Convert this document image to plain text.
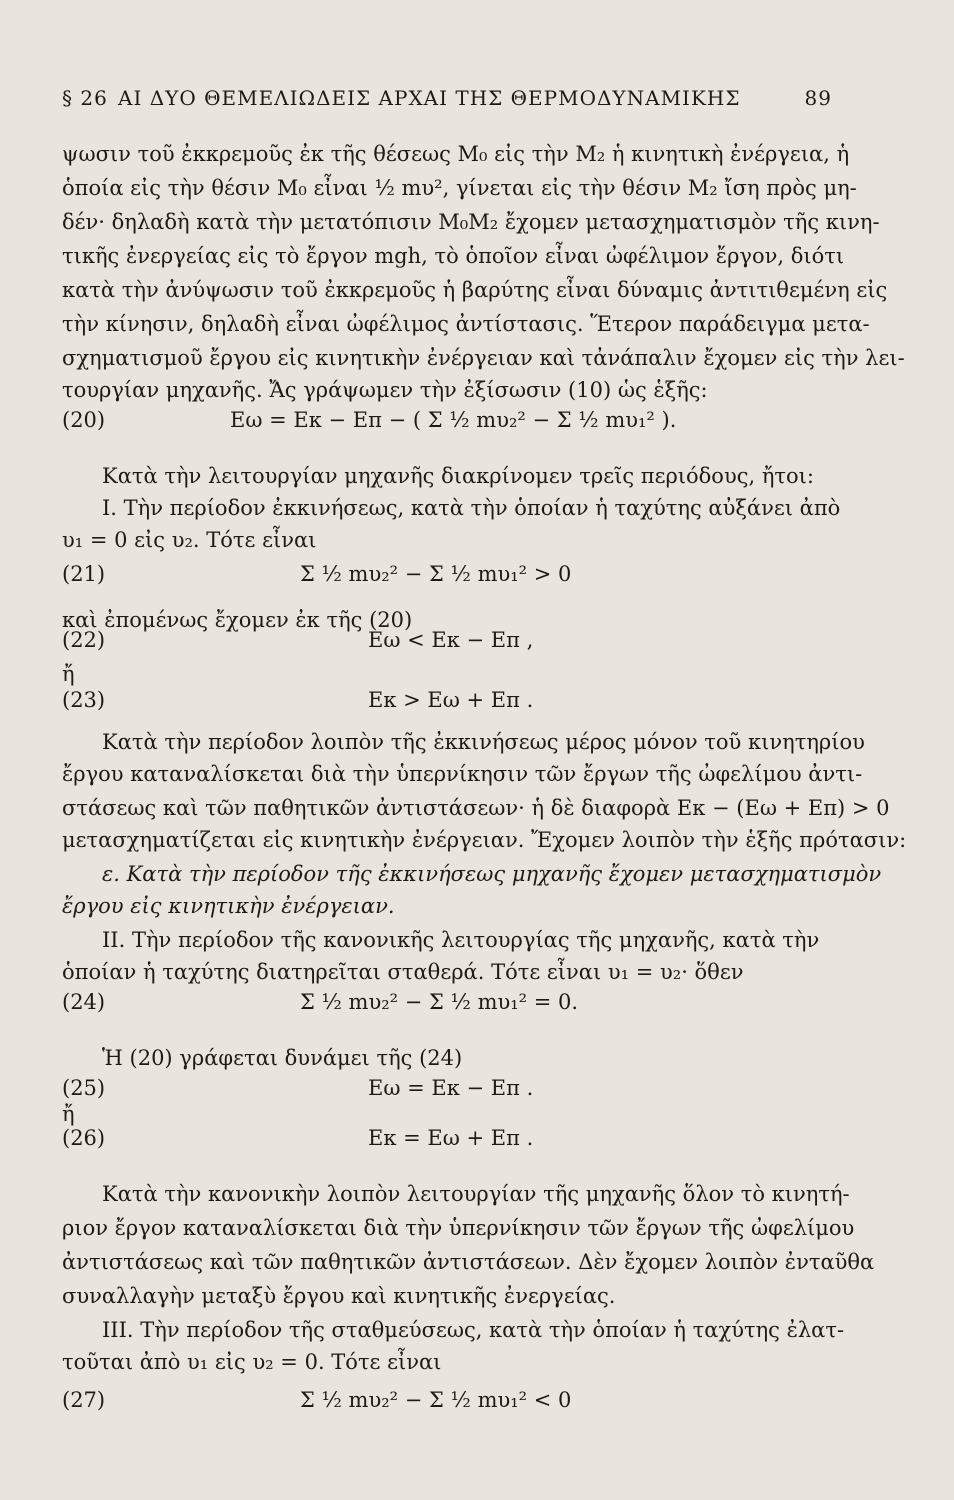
§ 26 ΑΙ ΔΥΟ ΘΕΜΕΛΙΩΔΕΙΣ ΑΡΧΑΙ ΤΗΣ ΘΕΡΜΟΔΥΝΑΜΙΚΗΣ	89
ψωσιν τοῦ ἐκκρεμοῦς ἐκ τῆς θέσεως M₀ εἰς τὴν M₂ ἡ κινητικὴ ἐνέργεια, ἡ
ὁποία εἰς τὴν θέσιν M₀ εἶναι ½ mυ², γίνεται εἰς τὴν θέσιν M₂ ἴση πρὸς μη-
δέν· δηλαδὴ κατὰ τὴν μετατόπισιν M₀M₂ ἔχομεν μετασχηματισμὸν τῆς κινη-
τικῆς ἐνεργείας εἰς τὸ ἔργον mgh, τὸ ὁποῖον εἶναι ὠφέλιμον ἔργον, διότι
κατὰ τὴν ἀνύψωσιν τοῦ ἐκκρεμοῦς ἡ βαρύτης εἶναι δύναμις ἀντιτιθεμένη εἰς
τὴν κίνησιν, δηλαδὴ εἶναι ὠφέλιμος ἀντίστασις. Ἕτερον παράδειγμα μετα-
σχηματισμοῦ ἔργου εἰς κινητικὴν ἐνέργειαν καὶ τἀνάπαλιν ἔχομεν εἰς τὴν λει-
τουργίαν μηχανῆς. Ἄς γράψωμεν τὴν ἐξίσωσιν (10) ὡς ἑξῆς:
(20)	Eω = Eκ − Eπ − ( Σ ½ mυ₂² − Σ ½ mυ₁² ).
Κατὰ τὴν λειτουργίαν μηχανῆς διακρίνομεν τρεῖς περιόδους, ἤτοι:
I. Τὴν περίοδον ἐκκινήσεως, κατὰ τὴν ὁποίαν ἡ ταχύτης αὐξάνει ἀπὸ
υ₁ = 0 εἰς υ₂. Τότε εἶναι
(21)	Σ ½ mυ₂² − Σ ½ mυ₁² > 0
καὶ ἐπομένως ἔχομεν ἐκ τῆς (20)
(22)	Eω < Eκ − Eπ ,
ἤ
(23)	Eκ > Eω + Eπ .
Κατὰ τὴν περίοδον λοιπὸν τῆς ἐκκινήσεως μέρος μόνον τοῦ κινητηρίου
ἔργου καταναλίσκεται διὰ τὴν ὑπερνίκησιν τῶν ἔργων τῆς ὠφελίμου ἀντι-
στάσεως καὶ τῶν παθητικῶν ἀντιστάσεων· ἡ δὲ διαφορὰ Eκ − (Eω + Eπ) > 0
μετασχηματίζεται εἰς κινητικὴν ἐνέργειαν. Ἔχομεν λοιπὸν τὴν ἑξῆς πρότασιν:
ε. Κατὰ τὴν περίοδον τῆς ἐκκινήσεως μηχανῆς ἔχομεν μετασχηματισμὸν
ἔργου εἰς κινητικὴν ἐνέργειαν.
II. Τὴν περίοδον τῆς κανονικῆς λειτουργίας τῆς μηχανῆς, κατὰ τὴν
ὁποίαν ἡ ταχύτης διατηρεῖται σταθερά. Τότε εἶναι υ₁ = υ₂· ὅθεν
(24)	Σ ½ mυ₂² − Σ ½ mυ₁² = 0.
Ἡ (20) γράφεται δυνάμει τῆς (24)
(25)	Eω = Eκ − Eπ .
ἤ
(26)	Eκ = Eω + Eπ .
Κατὰ τὴν κανονικὴν λοιπὸν λειτουργίαν τῆς μηχανῆς ὅλον τὸ κινητή-
ριον ἔργον καταναλίσκεται διὰ τὴν ὑπερνίκησιν τῶν ἔργων τῆς ὠφελίμου
ἀντιστάσεως καὶ τῶν παθητικῶν ἀντιστάσεων. Δὲν ἔχομεν λοιπὸν ἐνταῦθα
συναλλαγὴν μεταξὺ ἔργου καὶ κινητικῆς ἐνεργείας.
III. Τὴν περίοδον τῆς σταθμεύσεως, κατὰ τὴν ὁποίαν ἡ ταχύτης ἐλατ-
τοῦται ἀπὸ υ₁ εἰς υ₂ = 0. Τότε εἶναι
(27)	Σ ½ mυ₂² − Σ ½ mυ₁² < 0
